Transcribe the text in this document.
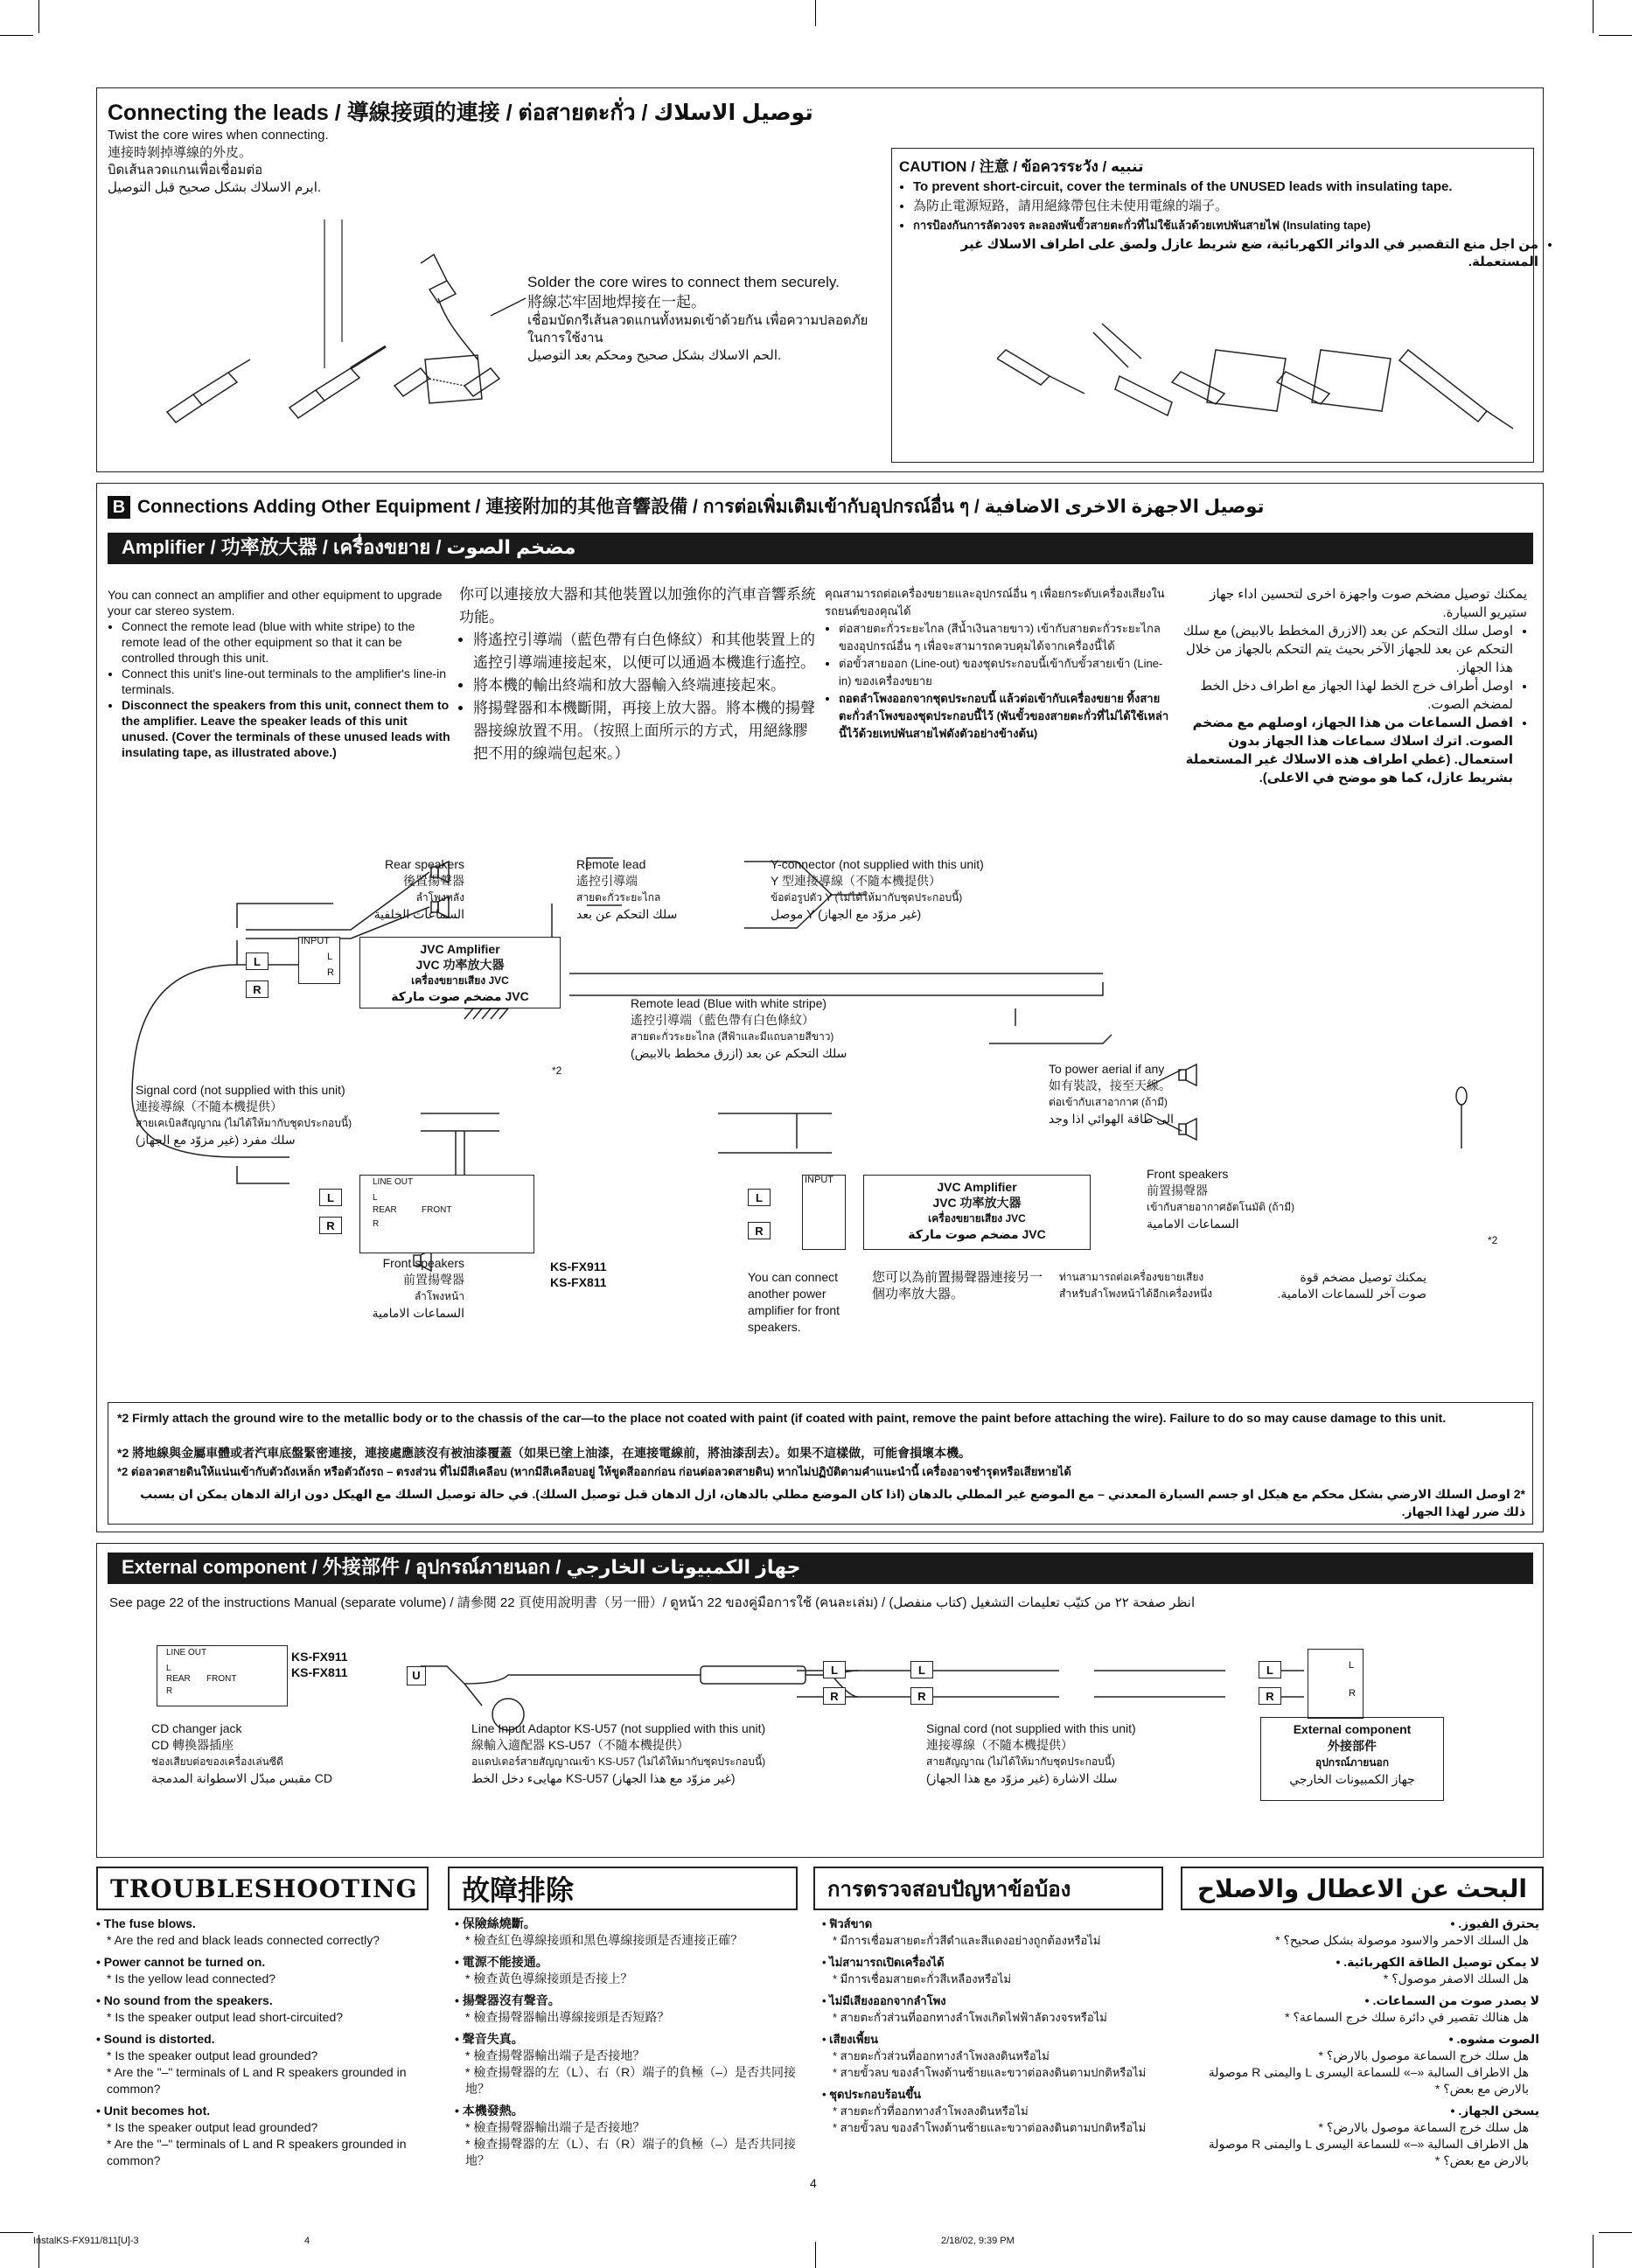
Connecting the leads / 導線接頭的連接 / ต่อสายตะกั่ว / توصيل الاسلاك
Twist the core wires when connecting.
連接時剝掉導線的外皮。
บิดเส้นลวดแกนเพื่อเชื่อมต่อ
.ابرم الاسلاك بشكل صحيح قبل التوصيل
Solder the core wires to connect them securely.
將線芯牢固地焊接在一起。
เชื่อมบัดกรีเส้นลวดแกนทั้งหมดเข้าด้วยกัน เพื่อความปลอดภัย
ในการใช้งาน
.الحم الاسلاك بشكل صحيح ومحكم بعد التوصيل
CAUTION / 注意 / ข้อควรระวัง / تنبيه
• To prevent short-circuit, cover the terminals of the UNUSED leads with insulating tape.
• 為防止電源短路，請用絕緣帶包住未使用電線的端子。
• การป้องกันการลัดวงจร ละลองพันขั้วสายตะกั่วที่ไม่ใช้แล้วด้วยเทปพันสายไฟ (Insulating tape)
• من اجل منع التقصير في الدوائر الكهربائية، ضع شريط عازل ولصق على اطراف الاسلاك غير المستعملة.
B Connections Adding Other Equipment / 連接附加的其他音響設備 / การต่อเพิ่มเติมเข้ากับอุปกรณ์อื่น ๆ / توصيل الاجهزة الاخرى الاضافية
Amplifier / 功率放大器 / เครื่องขยาย / مضخم الصوت
You can connect an amplifier and other equipment to upgrade your car stereo system.
• Connect the remote lead (blue with white stripe) to the remote lead of the other equipment so that it can be controlled through this unit.
• Connect this unit's line-out terminals to the amplifier's line-in terminals.
• Disconnect the speakers from this unit, connect them to the amplifier. Leave the speaker leads of this unit unused. (Cover the terminals of these unused leads with insulating tape, as illustrated above.)
你可以連接放大器和其他裝置以加強你的汽車音響系統功能。
• 將遙控引導端（藍色帶有白色條紋）和其他裝置上的遙控引導端連接起來，以便可以通過本機進行遙控。
• 將本機的輸出終端和放大器輸入終端連接起來。
• 將揚聲器和本機斷開，再接上放大器。將本機的揚聲器接線放置不用。（按照上面所示的方式，用絕緣膠把不用的線端包起來。）
คุณสามารถต่อเครื่องขยายและอุปกรณ์อื่น ๆ เพื่อยกระดับเครื่องเสียงในรถยนต์ของคุณได้
• ต่อสายตะกั่วระยะไกล (สีน้ำเงินลายขาว) เข้ากับสายตะกั่วระยะไกลของอุปกรณ์อื่น ๆ เพื่อจะสามารถควบคุมได้จากเครื่องนี้ได้
• ต่อขั้วสายออก (Line-out) ของชุดประกอบนี้เข้ากับขั้วสายเข้า (Line-in) ของเครื่องขยาย
• ถอดลำโพงออกจากชุดประกอบนี้ แล้วต่อเข้ากับเครื่องขยาย ทิ้งสายตะกั่วลำโพงของชุดประกอบนี้ไว้ (พันขั้วของสายตะกั่วที่ไม่ได้ใช้เหล่านี้ไว้ด้วยเทปพันสายไฟดังตัวอย่างข้างต้น)
يمكنك توصيل مضخم صوت واجهزة اخرى لتحسين اداء جهاز ستيريو السيارة.
• اوصل سلك التحكم عن بعد (الازرق المخطط بالابيض) مع سلك التحكم عن بعد للجهاز الآخر بحيث يتم التحكم بالجهاز من خلال هذا الجهاز.
• اوصل أطراف خرج الخط لهذا الجهاز مع اطراف دخل الخط لمضخم الصوت.
• افصل السماعات من هذا الجهاز، اوصلهم مع مضخم الصوت. اترك اسلاك سماعات هذا الجهاز بدون استعمال. (غطي اطراف هذه الاسلاك غير المستعملة بشريط عازل، كما هو موضح في الاعلى).
Rear speakers
後置揚聲器
ลำโพงหลัง
السماعات الخلفية
Remote lead
遙控引導端
สายตะกั่วระยะไกล
سلك التحكم عن بعد
Y-connector (not supplied with this unit)
Y 型連接導線（不隨本機提供）
ข้อต่อรูปตัว Y (ไม่ได้ให้มากับชุดประกอบนี้)
موصل Y (غير مزوّد مع الجهاز)
INPUT
L
R
L
R
JVC Amplifier
JVC 功率放大器
เครื่องขยายเสียง JVC
مضخم صوت ماركة JVC	Remote lead (Blue with white stripe)
遙控引導端（藍色帶有白色條紋）
สายตะกั่วระยะไกล (สีฟ้าและมีแถบลายสีขาว)
سلك التحكم عن بعد (ازرق مخطط بالابيض)
To power aerial if any
如有裝設，接至天線。
ต่อเข้ากับเสาอากาศ (ถ้ามี)
الى طاقة الهوائي اذا وجد
*2
Signal cord (not supplied with this unit)
連接導線（不隨本機提供）
สายเคเบิลสัญญาณ (ไม่ได้ให้มากับชุดประกอบนี้)
سلك مفرد (غير مزوّد مع الجهاز)
LINE OUT
L
REAR	FRONT
R
L
R
Front speakers
前置揚聲器
ลำโพงหน้า
السماعات الامامية
KS-FX911
KS-FX811
INPUT
L
R
JVC Amplifier
JVC 功率放大器
เครื่องขยายเสียง JVC
مضخم صوت ماركة JVC
Front speakers
前置揚聲器
เข้ากับสายอากาศอัตโนมัติ (ถ้ามี)
السماعات الامامية
*2
You can connect another power amplifier for front speakers.
您可以為前置揚聲器連接另一個功率放大器。
ท่านสามารถต่อเครื่องขยายเสียงสำหรับลำโพงหน้าได้อีกเครื่องหนึ่ง
يمكنك توصيل مضخم قوة صوت آخر للسماعات الامامية.
*2 Firmly attach the ground wire to the metallic body or to the chassis of the car—to the place not coated with paint (if coated with paint, remove the paint before attaching the wire). Failure to do so may cause damage to this unit.
*2 將地線與金屬車體或者汽車底盤緊密連接，連接處應該沒有被油漆覆蓋（如果已塗上油漆，在連接電線前，將油漆刮去）。如果不這樣做，可能會損壞本機。
*2 ต่อลวดสายดินให้แน่นเข้ากับตัวถังเหล็ก หรือตัวถังรถ – ตรงส่วน ที่ไม่มีสีเคลือบ (หากมีสีเคลือบอยู่ ให้ขูดสีออกก่อน ก่อนต่อลวดสายดิน) หากไม่ปฏิบัติตามคำแนะนำนี้ เครื่องอาจชำรุดหรือเสียหายได้
*2 اوصل السلك الارضي بشكل محكم مع هيكل او جسم السيارة المعدني – مع الموضع غير المطلي بالدهان (اذا كان الموضع مطلي بالدهان، ازل الدهان قبل توصيل السلك). في حالة توصيل السلك مع الهيكل دون ازالة الدهان يمكن ان يسبب ذلك ضرر لهذا الجهاز.
External component / 外接部件 / อุปกรณ์ภายนอก / جهاز الكمبيوتات الخارجي
See page 22 of the instructions Manual (separate volume) / 請參閱 22 頁使用說明書（另一冊）/ ดูหน้า 22 ของคู่มือการใช้ (คนละเล่ม) / انظر صفحة ٢٢ من كتيّب تعليمات التشغيل (كتاب منفصل)
LINE OUT
L
REAR FRONT
R
KS-FX911
KS-FX811	U	L
R
L
R
L
R
L
R
CD changer jack
CD 轉換器插座
ช่องเสียบต่อของเครื่องเล่นซีดี
مقبس مبدّل الاسطوانة المدمجة CD
Line Input Adaptor KS-U57 (not supplied with this unit)
線輸入適配器 KS-U57（不隨本機提供）
อแดปเตอร์สายสัญญาณเข้า KS-U57 (ไม่ได้ให้มากับชุดประกอบนี้)
مهايىء دخل الخط KS-U57 (غير مزوّد مع هذا الجهاز)
Signal cord (not supplied with this unit)
連接導線（不隨本機提供）
สายสัญญาณ (ไม่ได้ให้มากับชุดประกอบนี้)
سلك الاشارة (غير مزوّد مع هذا الجهاز)
External component
外接部件
อุปกรณ์ภายนอก
جهاز الكمبيونات الخارجي
TROUBLESHOOTING	故障排除	การตรวจสอบปัญหาข้อบ้อง	البحث عن الاعطال والاصلاح
• The fuse blows.
* Are the red and black leads connected correctly?
• Power cannot be turned on.
* Is the yellow lead connected?
• No sound from the speakers.
* Is the speaker output lead short-circuited?
• Sound is distorted.
* Is the speaker output lead grounded?
* Are the "–" terminals of L and R speakers grounded in common?
• Unit becomes hot.
* Is the speaker output lead grounded?
* Are the "–" terminals of L and R speakers grounded in common?
• 保險絲燒斷。
* 檢查紅色導線接頭和黑色導線接頭是否連接正確？
• 電源不能接通。
* 檢查黃色導線接頭是否接上？
• 揚聲器沒有聲音。
* 檢查揚聲器輸出導線接頭是否短路？
• 聲音失真。
* 檢查揚聲器輸出端子是否接地？
* 檢查揚聲器的左（L）、右（R）端子的負極（–）是否共同接地？
• 本機發熱。
* 檢查揚聲器輸出端子是否接地？
* 檢查揚聲器的左（L）、右（R）端子的負極（–）是否共同接地？
• ฟิวส์ขาด
* มีการเชื่อมสายตะกั่วสีดำและสีแดงอย่างถูกต้องหรือไม่
• ไม่สามารถเปิดเครื่องได้
* มีการเชื่อมสายตะกั่วสีเหลืองหรือไม่
• ไม่มีเสียงออกจากลำโพง
* สายตะกั่วส่วนที่ออกทางลำโพงเกิดไฟฟ้าลัดวงจรหรือไม่
• เสียงเพี้ยน
* สายตะกั่วส่วนที่ออกทางลำโพงลงดินหรือไม่
* สายขั้วลบ ของลำโพงด้านซ้ายและขวาต่อลงดินตามปกติหรือไม่
• ชุดประกอบร้อนขึ้น
* สายตะกั่วที่ออกทางลำโพงลงดินหรือไม่
* สายขั้วลบ ของลำโพงด้านซ้ายและขวาต่อลงดินตามปกติหรือไม่
يحترق الفيوز. •
هل السلك الاحمر والاسود موصولة بشكل صحيح؟ *
لا يمكن توصيل الطاقة الكهربائية. •
هل السلك الاصفر موصول؟ *
لا يصدر صوت من السماعات. •
هل هنالك تقصير في دائرة سلك خرج السماعة؟ *
الصوت مشوه. •
هل سلك خرج السماعة موصول بالارض؟ *
هل الاطراف السالبة «–» للسماعة اليسرى L واليمنى R موصولة بالارض مع بعض؟ *
يسخن الجهاز. •
هل سلك خرج السماعة موصول بالارض؟ *
هل الاطراف السالبة «–» للسماعة اليسرى L واليمنى R موصولة بالارض مع بعض؟ *
4
InstalKS-FX911/811[U]-3	4	2/18/02, 9:39 PM
